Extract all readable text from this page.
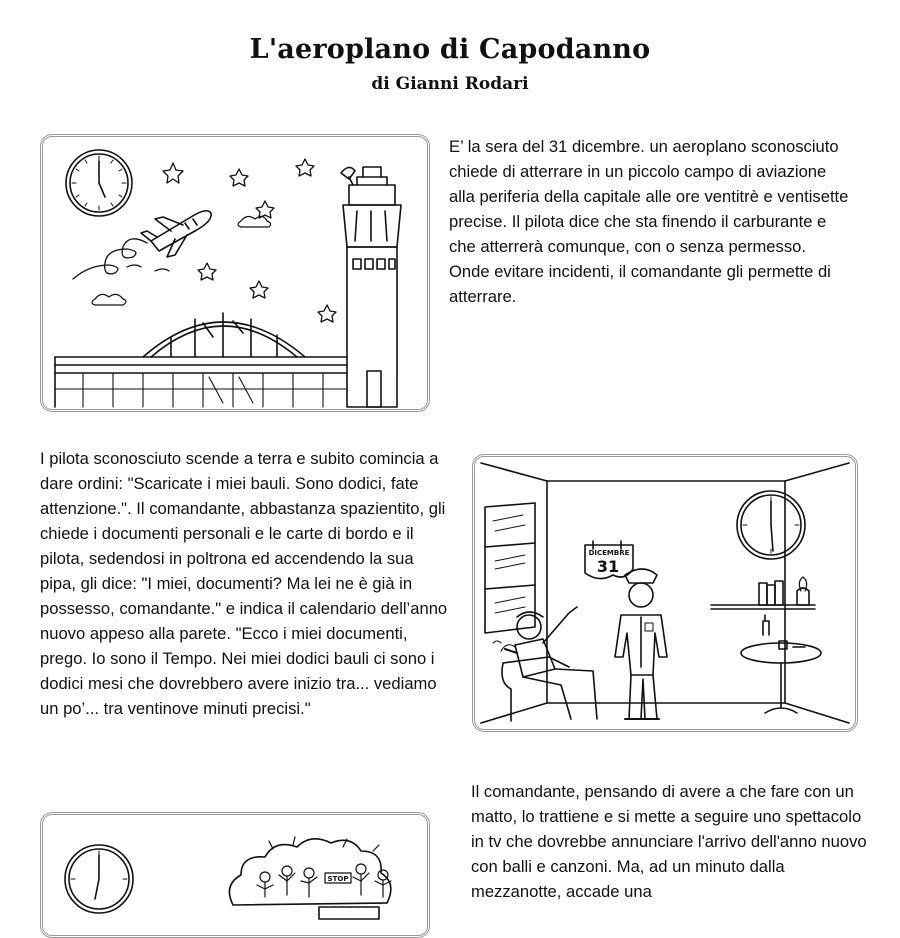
L'aeroplano di Capodanno
di Gianni Rodari
E’ la sera del 31 dicembre. un aeroplano sconosciuto chiede di atterrare in un piccolo campo di aviazione alla periferia della capitale alle ore ventitrè e ventisette precise. Il pilota dice che sta finendo il carburante e che atterrerà comunque, con o senza permesso. Onde evitare incidenti, il comandante gli permette di atterrare.
I pilota sconosciuto scende a terra e subito comincia a dare ordini: "Scaricate i miei bauli. Sono dodici, fate attenzione.". Il comandante, abbastanza spazientito, gli chiede i documenti personali e le carte di bordo e il pilota, sedendosi in poltrona ed accendendo la sua pipa, gli dice: "I miei, documenti? Ma lei ne è già in possesso, comandante." e indica il calendario dell’anno nuovo appeso alla parete. "Ecco i miei documenti, prego. Io sono il Tempo. Nei miei dodici bauli ci sono i dodici mesi che dovrebbero avere inizio tra... vediamo un po’... tra ventinove minuti precisi."
DICEMBRE
31
Il comandante, pensando di avere a che fare con un matto, lo trattiene e si mette a seguire uno spettacolo in tv che dovrebbe annunciare l'arrivo dell'anno nuovo con balli e canzoni. Ma, ad un minuto dalla mezzanotte, accade una
STOP
